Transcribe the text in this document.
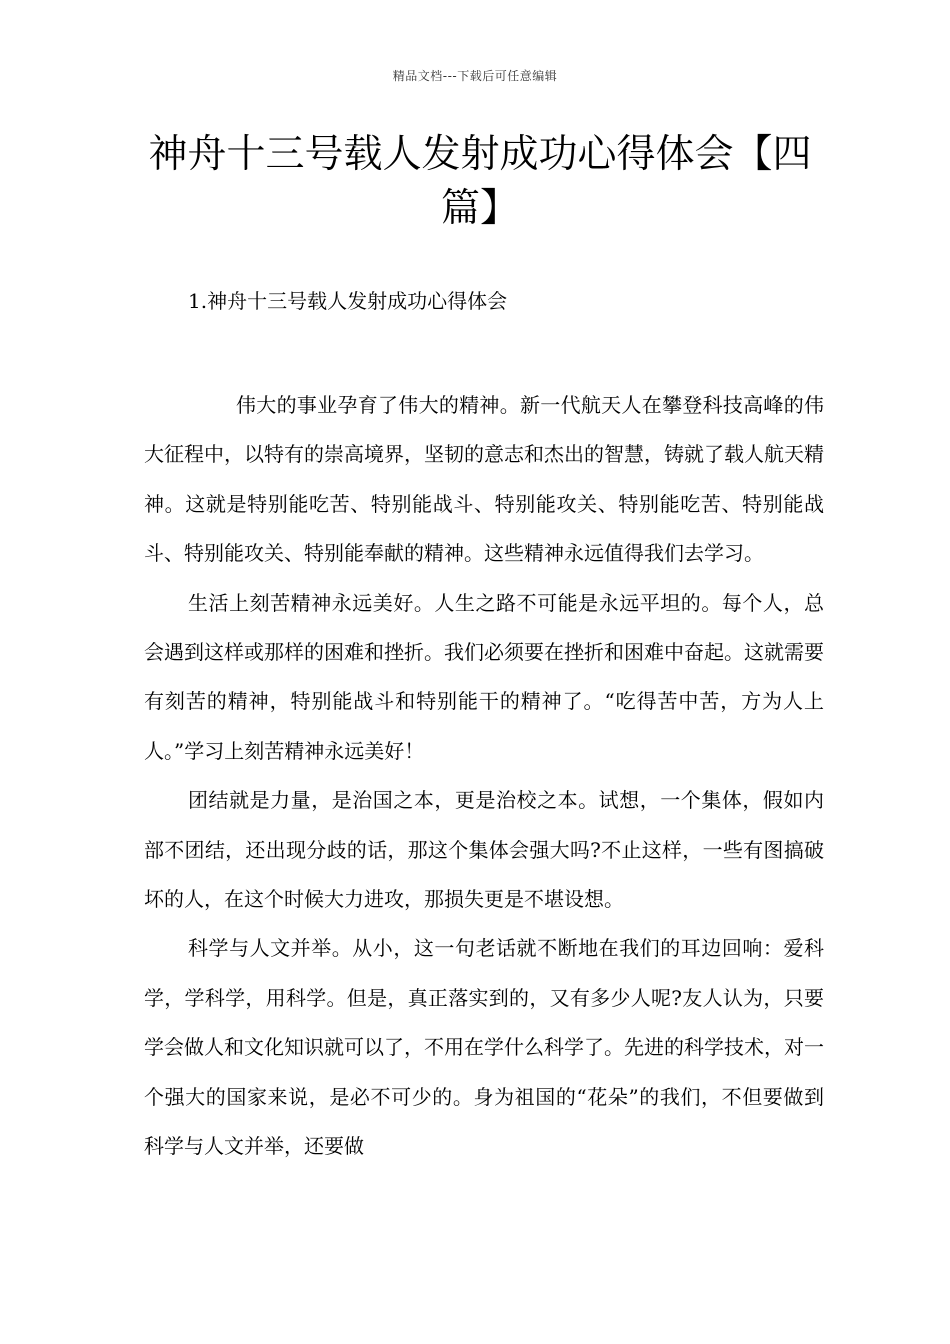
精品文档---下载后可任意编辑
神舟十三号载人发射成功心得体会【四篇】
1.神舟十三号载人发射成功心得体会

伟大的事业孕育了伟大的精神。新一代航天人在攀登科技高峰的伟大征程中，以特有的崇高境界，坚韧的意志和杰出的智慧，铸就了载人航天精神。这就是特别能吃苦、特别能战斗、特别能攻关、特别能吃苦、特别能战斗、特别能攻关、特别能奉献的精神。这些精神永远值得我们去学习。

生活上刻苦精神永远美好。人生之路不可能是永远平坦的。每个人，总会遇到这样或那样的困难和挫折。我们必须要在挫折和困难中奋起。这就需要有刻苦的精神，特别能战斗和特别能干的精神了。“吃得苦中苦，方为人上人。”学习上刻苦精神永远美好！

团结就是力量，是治国之本，更是治校之本。试想，一个集体，假如内部不团结，还出现分歧的话，那这个集体会强大吗?不止这样，一些有图搞破坏的人，在这个时候大力进攻，那损失更是不堪设想。

科学与人文并举。从小，这一句老话就不断地在我们的耳边回响：爱科学，学科学，用科学。但是，真正落实到的，又有多少人呢?友人认为，只要学会做人和文化知识就可以了，不用在学什么科学了。先进的科学技术，对一个强大的国家来说，是必不可少的。身为祖国的“花朵”的我们，不但要做到科学与人文并举，还要做
